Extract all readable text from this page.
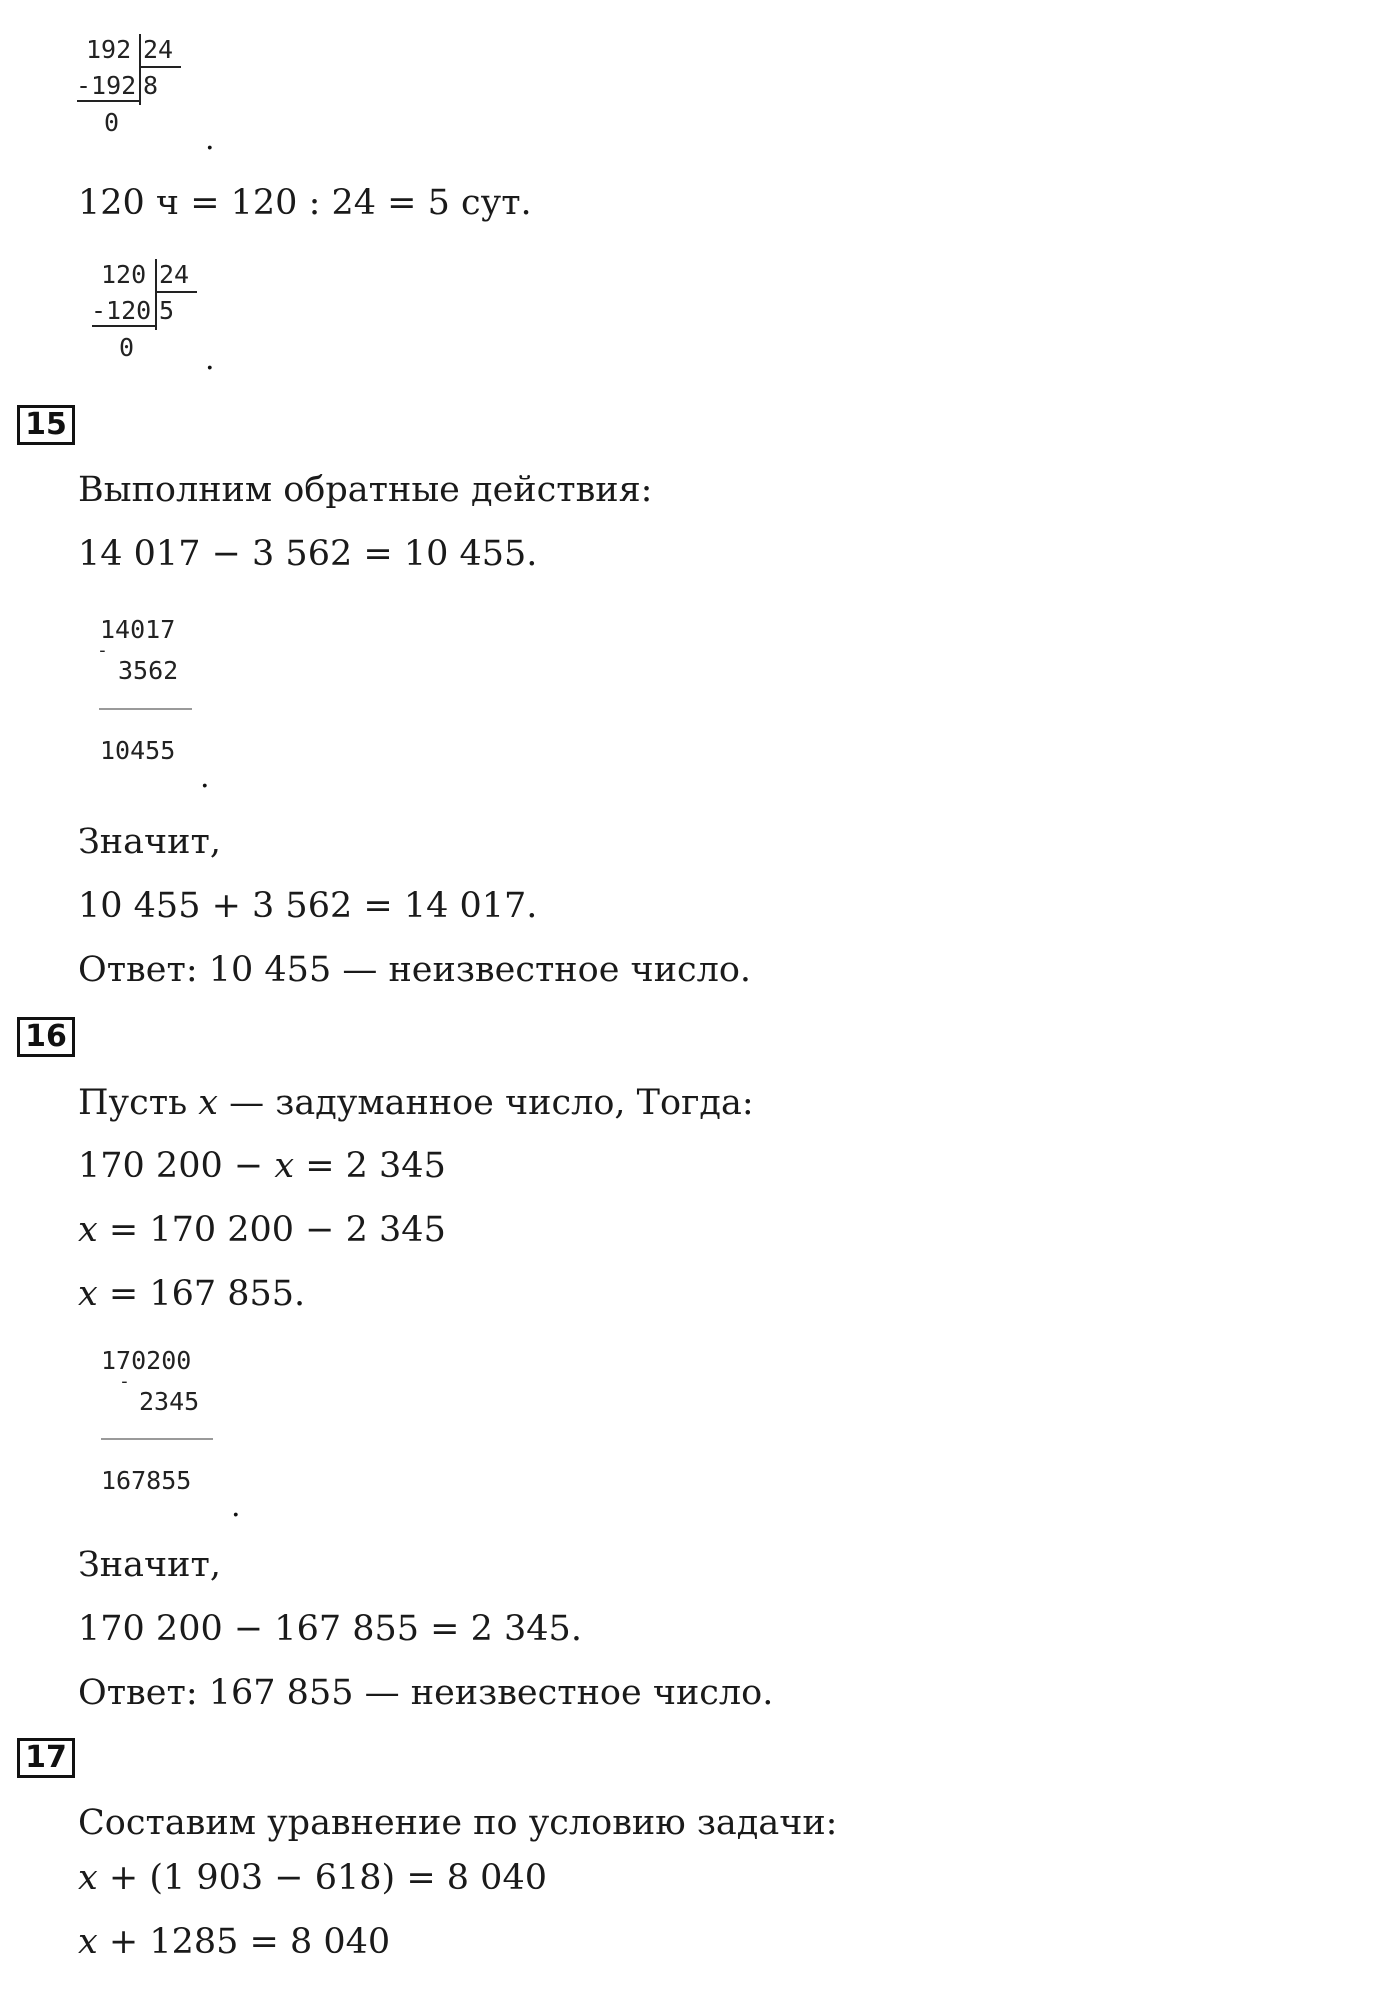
192 24
-192 8
0	.
120 ч = 120 : 24 = 5 сут.
120 24
-120 5
0 .
15
Выполним обратные действия:
14 017 − 3 562 = 10 455.
14017
-
3562
10455
.
Значит,
10 455 + 3 562 = 14 017.
Ответ: 10 455 — неизвестное число.
16
Пусть x — задуманное число, Тогда:
170 200 − x = 2 345
x = 170 200 − 2 345
x = 167 855.
170200
-
2345
167855
.
Значит,
170 200 − 167 855 = 2 345.
Ответ: 167 855 — неизвестное число.
17
Составим уравнение по условию задачи:
x + (1 903 − 618) = 8 040
x + 1285 = 8 040
